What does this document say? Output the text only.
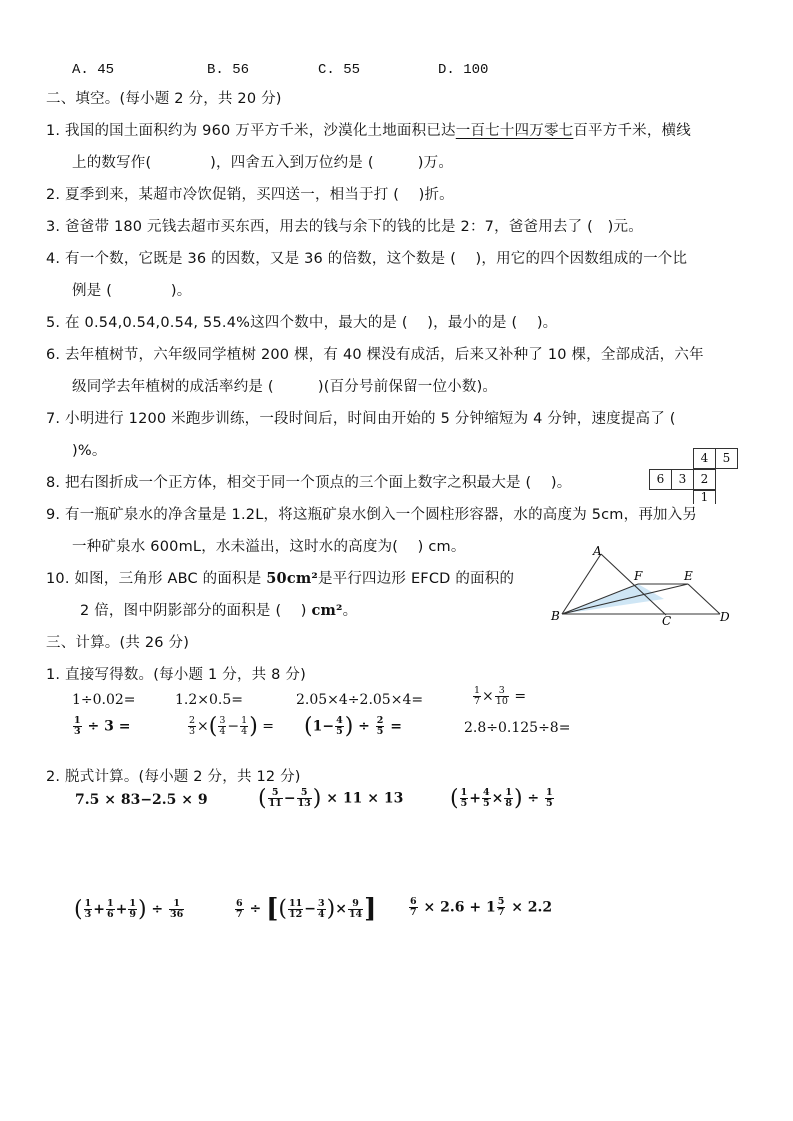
A. 45	B. 56	C. 55	D. 100
二、填空。(每小题 2 分，共 20 分)
1. 我国的国土面积约为 960 万平方千米，沙漠化土地面积已达一百七十四万零七百平方千米，横线
上的数写作(　　　　)，四舍五入到万位约是 (　　　)万。
2. 夏季到来，某超市冷饮促销，买四送一，相当于打 (　 )折。
3. 爸爸带 180 元钱去超市买东西，用去的钱与余下的钱的比是 2：7，爸爸用去了 (　)元。
4. 有一个数，它既是 36 的因数，又是 36 的倍数，这个数是 (　 )，用它的四个因数组成的一个比
例是 (　　　　)。
5. 在 0.54,0.54,0.54, 55.4%这四个数中，最大的是 (　 )，最小的是 (　 )。
6. 去年植树节，六年级同学植树 200 棵，有 40 棵没有成活，后来又补种了 10 棵，全部成活，六年
级同学去年植树的成活率约是 (　　　)(百分号前保留一位小数)。
7. 小明进行 1200 米跑步训练，一段时间后，时间由开始的 5 分钟缩短为 4 分钟，速度提高了 (
)%。
8. 把右图折成一个正方体，相交于同一个顶点的三个面上数字之积最大是 (　 )。
4	5
6	3	2
1
9. 有一瓶矿泉水的净含量是 1.2L，将这瓶矿泉水倒入一个圆柱形容器，水的高度为 5cm，再加入另
一种矿泉水 600mL，水未溢出，这时水的高度为(　 ) cm。
10. 如图，三角形 ABC 的面积是 50cm²是平行四边形 EFCD 的面积的
2 倍，图中阴影部分的面积是 (　 ) cm²。
A
F	E
B	C	D
三、计算。(共 26 分)
1. 直接写得数。(每小题 1 分，共 8 分)
1÷0.02=	1.2×0.5=	2.05×4÷2.05×4=	$\frac{1}{7} \times \frac{3}{10}$ =
$\frac{1}{3} \div 3$ =	$\frac{2}{3}$ ×( $\frac{3}{4} - \frac{1}{4}$ ) = ($1- \frac{4}{5}$ ) ÷ $\frac{2}{5}$ =	2.8÷0.125÷8=
2. 脱式计算。(每小题 2 分，共 12 分)
7.5 × 83−2.5 × 9 ( $\frac{5}{11} - \frac{5}{13}$ ) × 11 × 13 ( $\frac{1}{5} + \frac{4}{5} \times \frac{1}{8}$ ) ÷ $\frac{1}{5}$
( $\frac{1}{3} + \frac{1}{6} + \frac{1}{9}$ ) ÷ $\frac{1}{36}$	$\frac{6}{7}$ ÷ [( $\frac{11}{12} - \frac{3}{4}$ )× $\frac{9}{14}$ ]	$\frac{6}{7} \times 2.6 + 1 \frac{5}{7} \times 2.2$
